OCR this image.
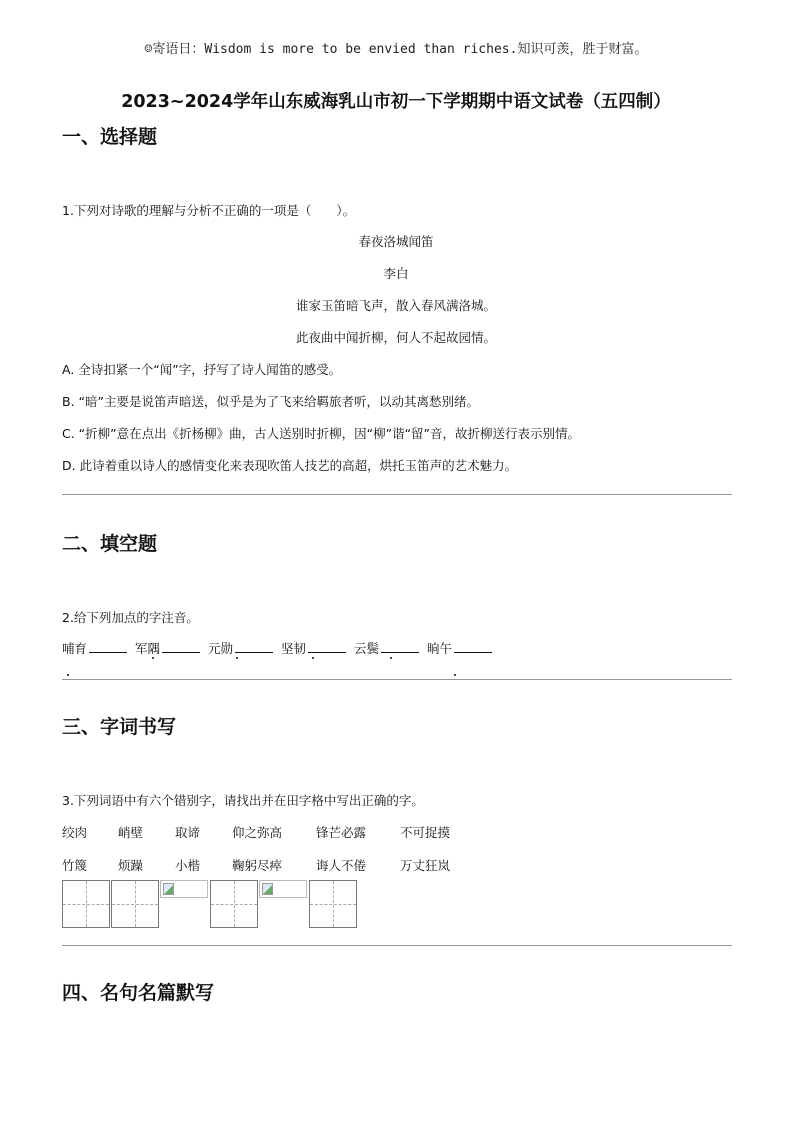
☺寄语日：Wisdom is more to be envied than riches.知识可羡，胜于财富。
2023~2024学年山东威海乳山市初一下学期期中语文试卷（五四制）
一、选择题
1.下列对诗歌的理解与分析不正确的一项是（　　）。
春夜洛城闻笛
李白
谁家玉笛暗飞声，散入春风满洛城。
此夜曲中闻折柳，何人不起故园情。
A. 全诗扣紧一个“闻”字，抒写了诗人闻笛的感受。
B. “暗”主要是说笛声暗送，似乎是为了飞来给羁旅者听，以动其离愁别绪。
C. “折柳”意在点出《折杨柳》曲，古人送别时折柳，因“柳”谐“留”音，故折柳送行表示别情。
D. 此诗着重以诗人的感情变化来表现吹笛人技艺的高超，烘托玉笛声的艺术魅力。
二、填空题
2.给下列加点的字注音。
哺育	军隅	元勋	坚韧	云鬓	晌午
三、字词书写
3.下列词语中有六个错别字，请找出并在田字格中写出正确的字。
绞肉 峭壁	取谛	仰之弥高	锋芒必露	不可捉摸
竹篾 烦躁	小楷	鞠躬尽瘁	诲人不倦	万丈狂岚
四、名句名篇默写
